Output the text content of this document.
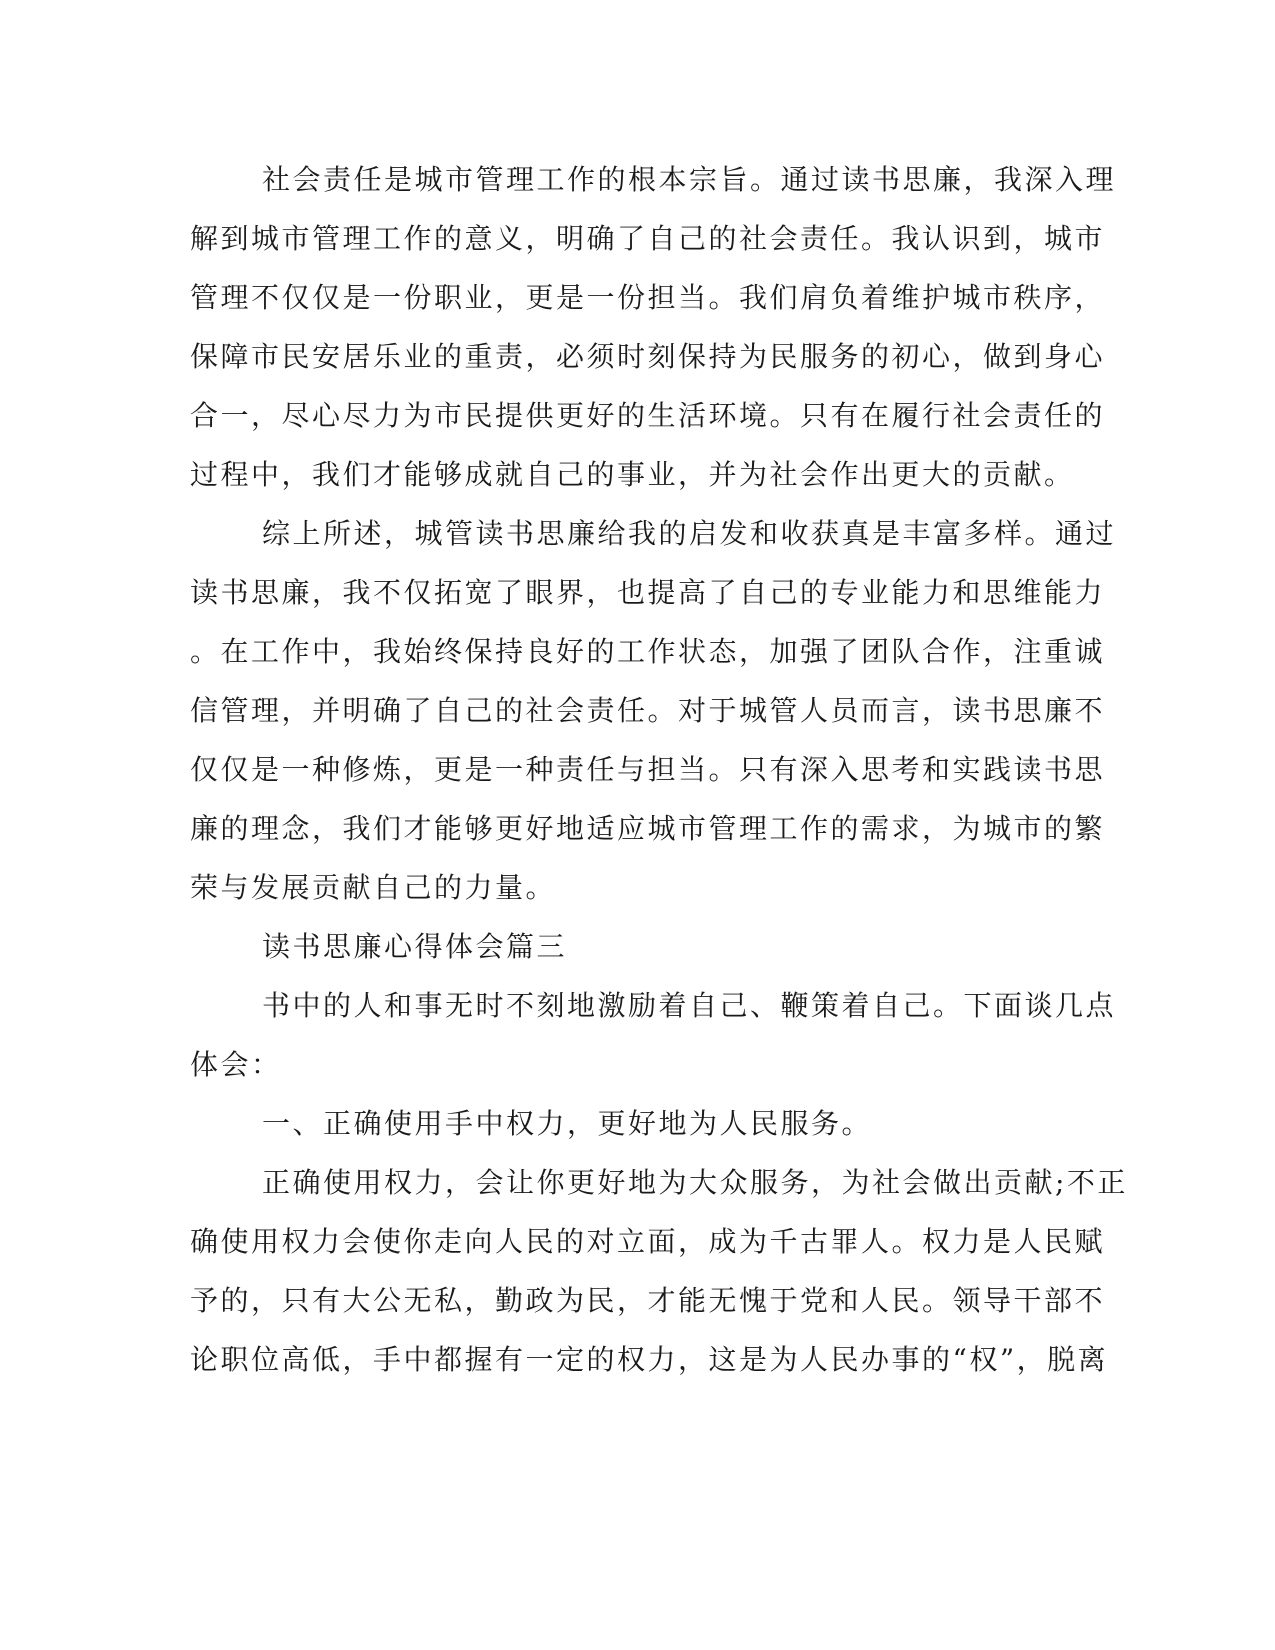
社会责任是城市管理工作的根本宗旨。通过读书思廉，我深入理
解到城市管理工作的意义，明确了自己的社会责任。我认识到，城市
管理不仅仅是一份职业，更是一份担当。我们肩负着维护城市秩序，
保障市民安居乐业的重责，必须时刻保持为民服务的初心，做到身心
合一，尽心尽力为市民提供更好的生活环境。只有在履行社会责任的
过程中，我们才能够成就自己的事业，并为社会作出更大的贡献。
综上所述，城管读书思廉给我的启发和收获真是丰富多样。通过
读书思廉，我不仅拓宽了眼界，也提高了自己的专业能力和思维能力
。在工作中，我始终保持良好的工作状态，加强了团队合作，注重诚
信管理，并明确了自己的社会责任。对于城管人员而言，读书思廉不
仅仅是一种修炼，更是一种责任与担当。只有深入思考和实践读书思
廉的理念，我们才能够更好地适应城市管理工作的需求，为城市的繁
荣与发展贡献自己的力量。
读书思廉心得体会篇三
书中的人和事无时不刻地激励着自己、鞭策着自己。下面谈几点
体会：
一、正确使用手中权力，更好地为人民服务。
正确使用权力，会让你更好地为大众服务，为社会做出贡献;不正
确使用权力会使你走向人民的对立面，成为千古罪人。权力是人民赋
予的，只有大公无私，勤政为民，才能无愧于党和人民。领导干部不
论职位高低，手中都握有一定的权力，这是为人民办事的“权”，脱离
